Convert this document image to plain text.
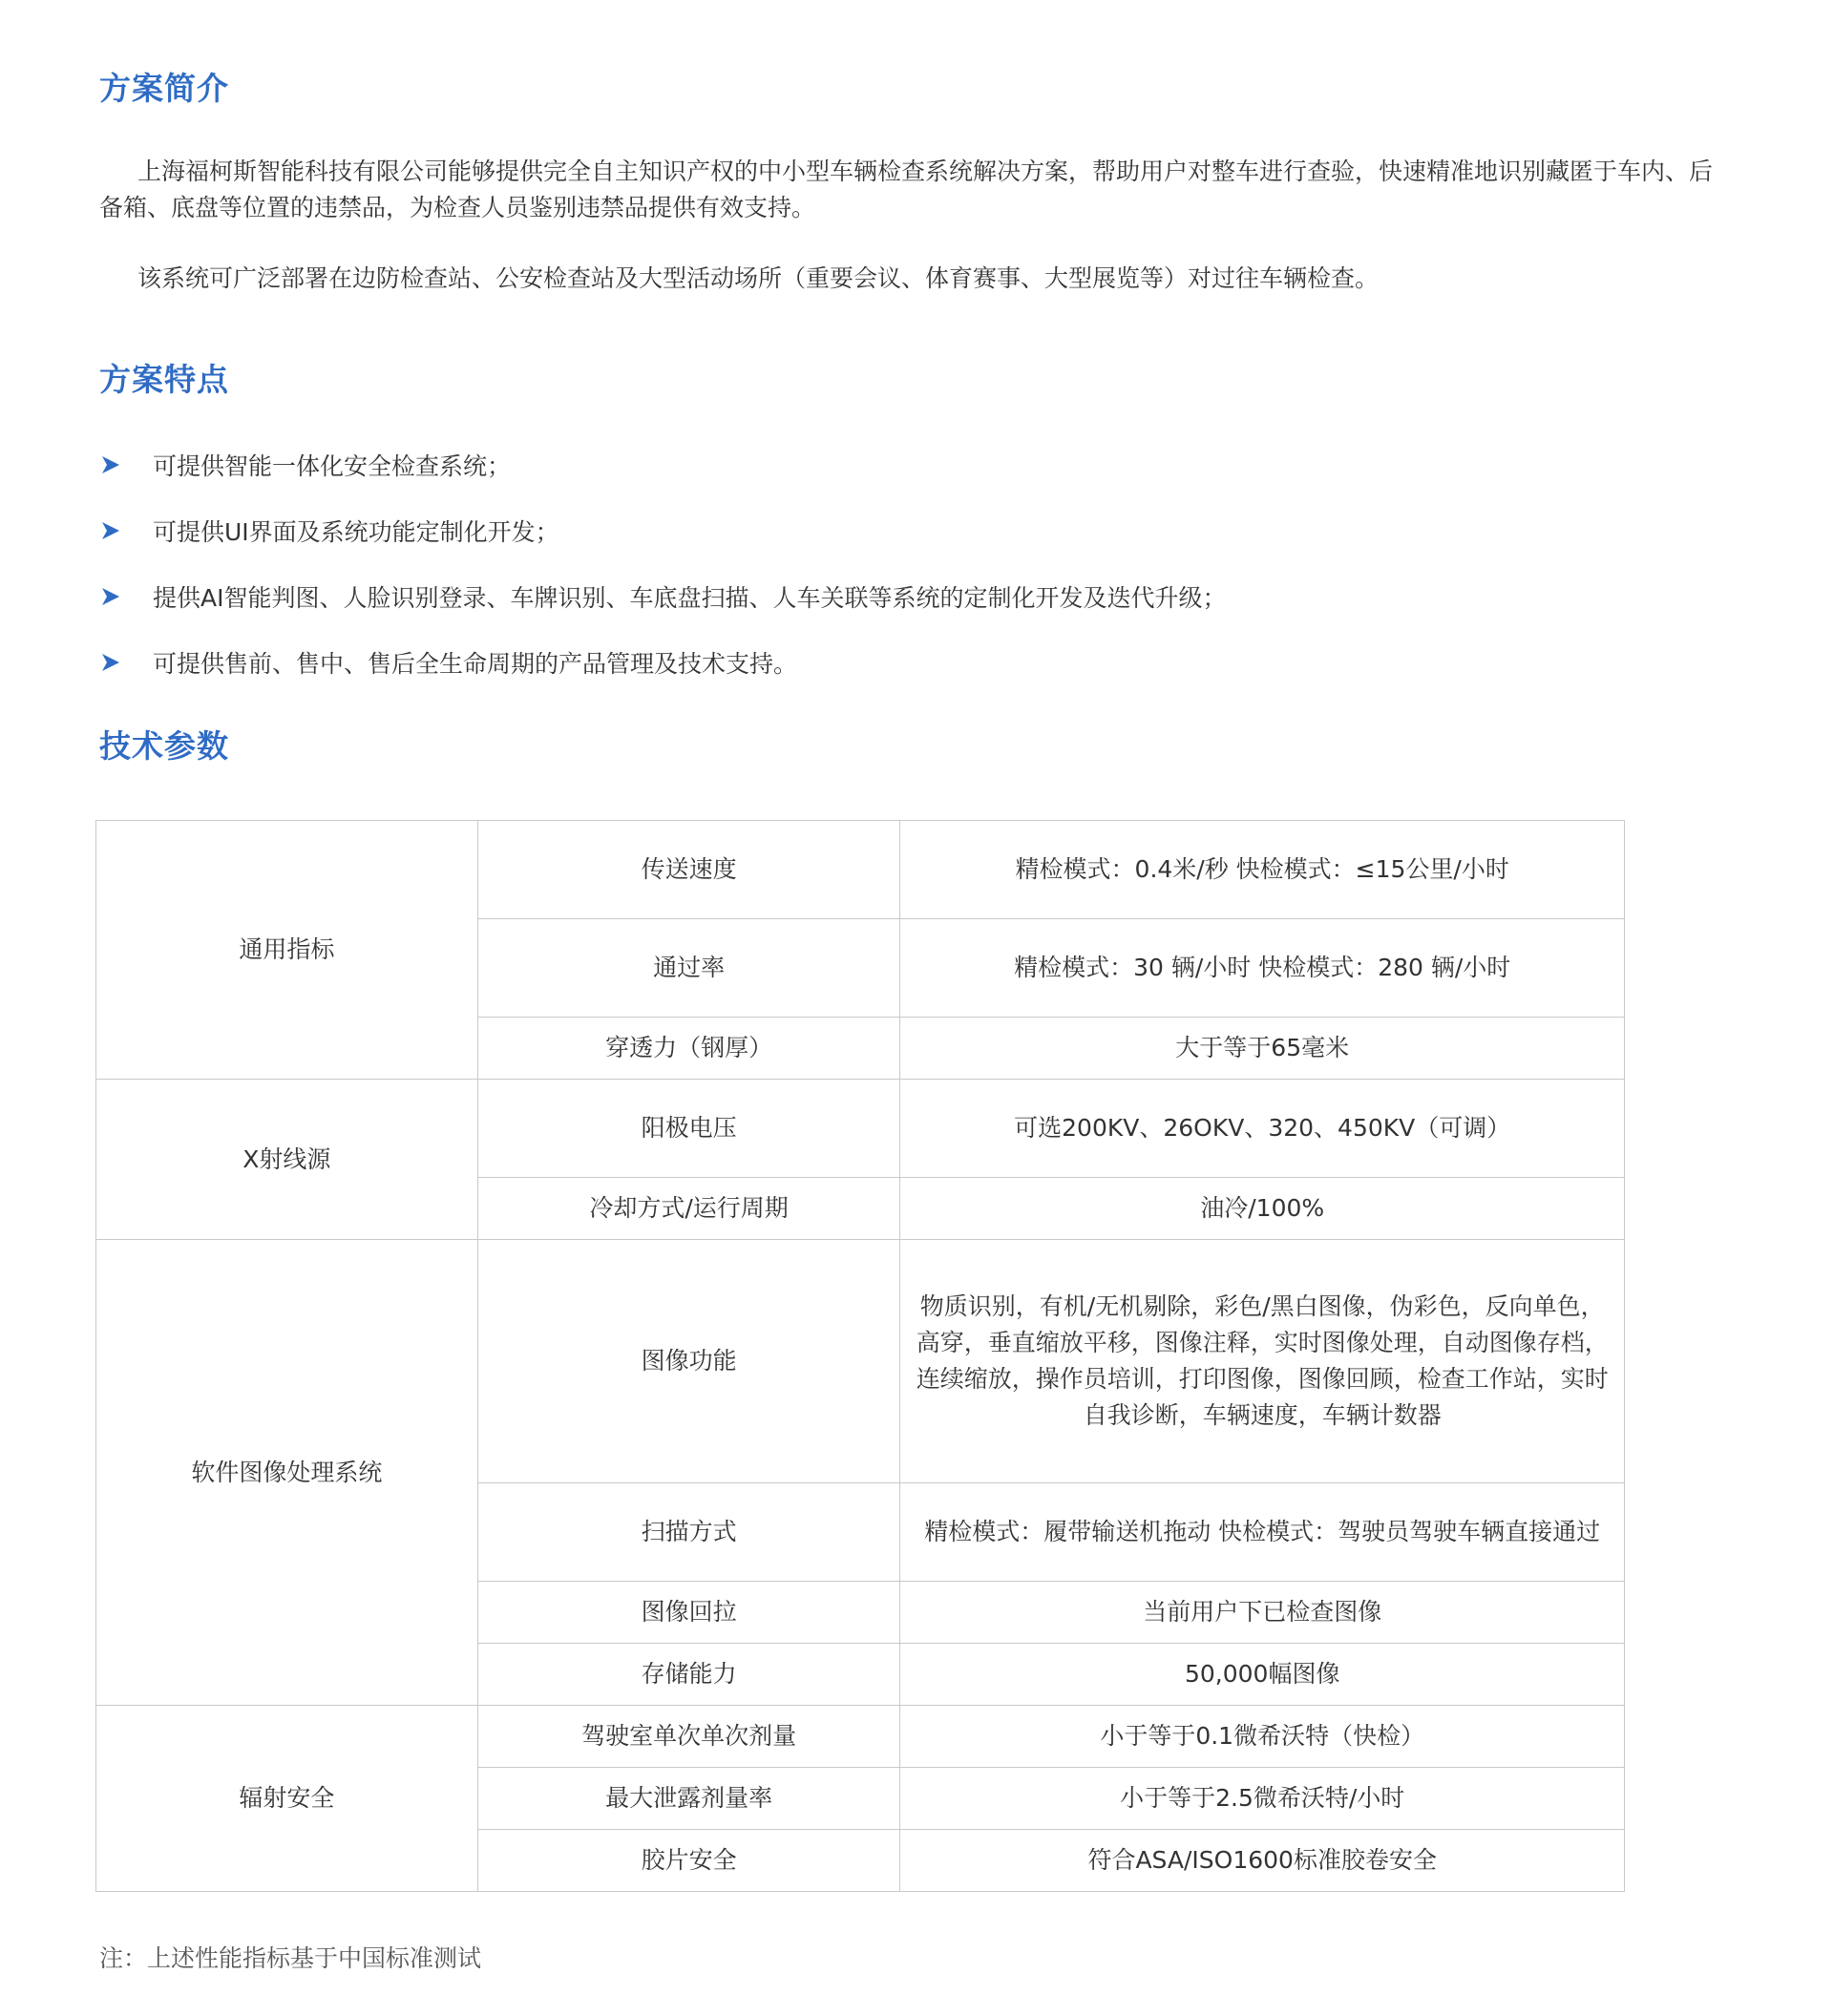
方案简介

上海福柯斯智能科技有限公司能够提供完全自主知识产权的中小型车辆检查系统解决方案，帮助用户对整车进行查验，快速精准地识别藏匿于车内、后备箱、底盘等位置的违禁品，为检查人员鉴别违禁品提供有效支持。

该系统可广泛部署在边防检查站、公安检查站及大型活动场所（重要会议、体育赛事、大型展览等）对过往车辆检查。

方案特点
可提供智能一体化安全检查系统；
可提供UI界面及系统功能定制化开发；
提供AI智能判图、人脸识别登录、车牌识别、车底盘扫描、人车关联等系统的定制化开发及迭代升级；
可提供售前、售中、售后全生命周期的产品管理及技术支持。
技术参数
通用指标	传送速度	精检模式：0.4米/秒 快检模式：≤15公里/小时
	通过率	精检模式：30 辆/小时 快检模式：280 辆/小时
	穿透力（钢厚）	大于等于65毫米
X射线源	阳极电压	可选200KV、26OKV、320、450KV（可调）
	冷却方式/运行周期	油冷/100%
软件图像处理系统	图像功能	物质识别，有机/无机剔除，彩色/黑白图像，伪彩色，反向单色，高穿，垂直缩放平移，图像注释，实时图像处理，自动图像存档，连续缩放，操作员培训，打印图像，图像回顾，检查工作站，实时自我诊断，车辆速度，车辆计数器
	扫描方式	精检模式：履带输送机拖动 快检模式：驾驶员驾驶车辆直接通过
	图像回拉	当前用户下已检查图像
	存储能力	50,000幅图像
辐射安全	驾驶室单次单次剂量	小于等于0.1微希沃特（快检）
	最大泄露剂量率	小于等于2.5微希沃特/小时
	胶片安全	符合ASA/ISO1600标准胶卷安全

注：上述性能指标基于中国标准测试
